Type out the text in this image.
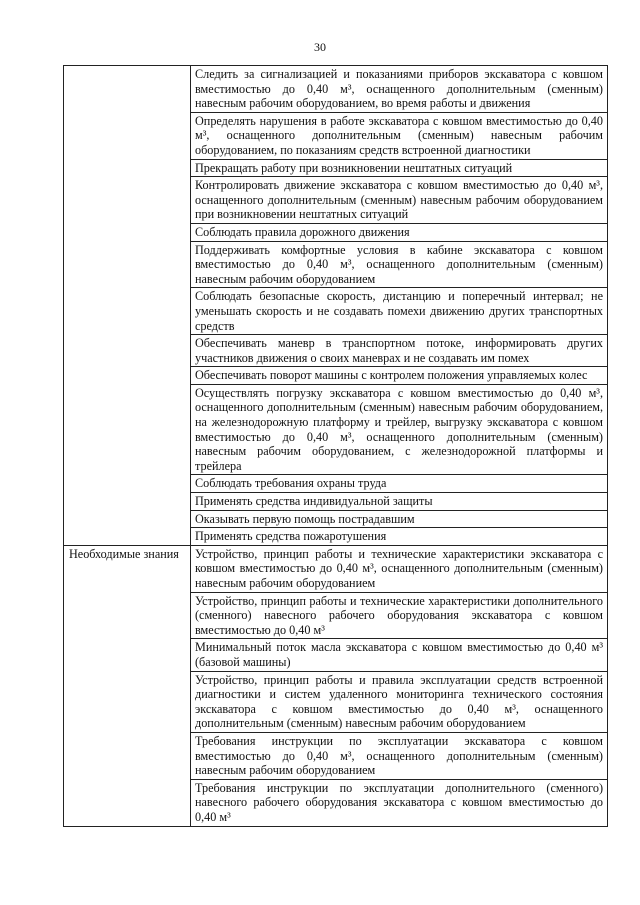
30
	Следить за сигнализацией и показаниями приборов экскаватора с ковшом вместимостью до 0,40 м³, оснащенного дополнительным (сменным) навесным рабочим оборудованием, во время работы и движения
	Определять нарушения в работе экскаватора с ковшом вместимостью до 0,40 м³, оснащенного дополнительным (сменным) навесным рабочим оборудованием, по показаниям средств встроенной диагностики
	Прекращать работу при возникновении нештатных ситуаций
	Контролировать движение экскаватора с ковшом вместимостью до 0,40 м³, оснащенного дополнительным (сменным) навесным рабочим оборудованием при возникновении нештатных ситуаций
	Соблюдать правила дорожного движения
	Поддерживать комфортные условия в кабине экскаватора с ковшом вместимостью до 0,40 м³, оснащенного дополнительным (сменным) навесным рабочим оборудованием
	Соблюдать безопасные скорость, дистанцию и поперечный интервал; не уменьшать скорость и не создавать помехи движению других транспортных средств
	Обеспечивать маневр в транспортном потоке, информировать других участников движения о своих маневрах и не создавать им помех
	Обеспечивать поворот машины с контролем положения управляемых колес
	Осуществлять погрузку экскаватора с ковшом вместимостью до 0,40 м³, оснащенного дополнительным (сменным) навесным рабочим оборудованием, на железнодорожную платформу и трейлер, выгрузку экскаватора с ковшом вместимостью до 0,40 м³, оснащенного дополнительным (сменным) навесным рабочим оборудованием, с железнодорожной платформы и трейлера
	Соблюдать требования охраны труда
	Применять средства индивидуальной защиты
	Оказывать первую помощь пострадавшим
	Применять средства пожаротушения
Необходимые знания	Устройство, принцип работы и технические характеристики экскаватора с ковшом вместимостью до 0,40 м³, оснащенного дополнительным (сменным) навесным рабочим оборудованием
	Устройство, принцип работы и технические характеристики дополнительного (сменного) навесного рабочего оборудования экскаватора с ковшом вместимостью до 0,40 м³
	Минимальный поток масла экскаватора с ковшом вместимостью до 0,40 м³ (базовой машины)
	Устройство, принцип работы и правила эксплуатации средств встроенной диагностики и систем удаленного мониторинга технического состояния экскаватора с ковшом вместимостью до 0,40 м³, оснащенного дополнительным (сменным) навесным рабочим оборудованием
	Требования инструкции по эксплуатации экскаватора с ковшом вместимостью до 0,40 м³, оснащенного дополнительным (сменным) навесным рабочим оборудованием
	Требования инструкции по эксплуатации дополнительного (сменного) навесного рабочего оборудования экскаватора с ковшом вместимостью до 0,40 м³
